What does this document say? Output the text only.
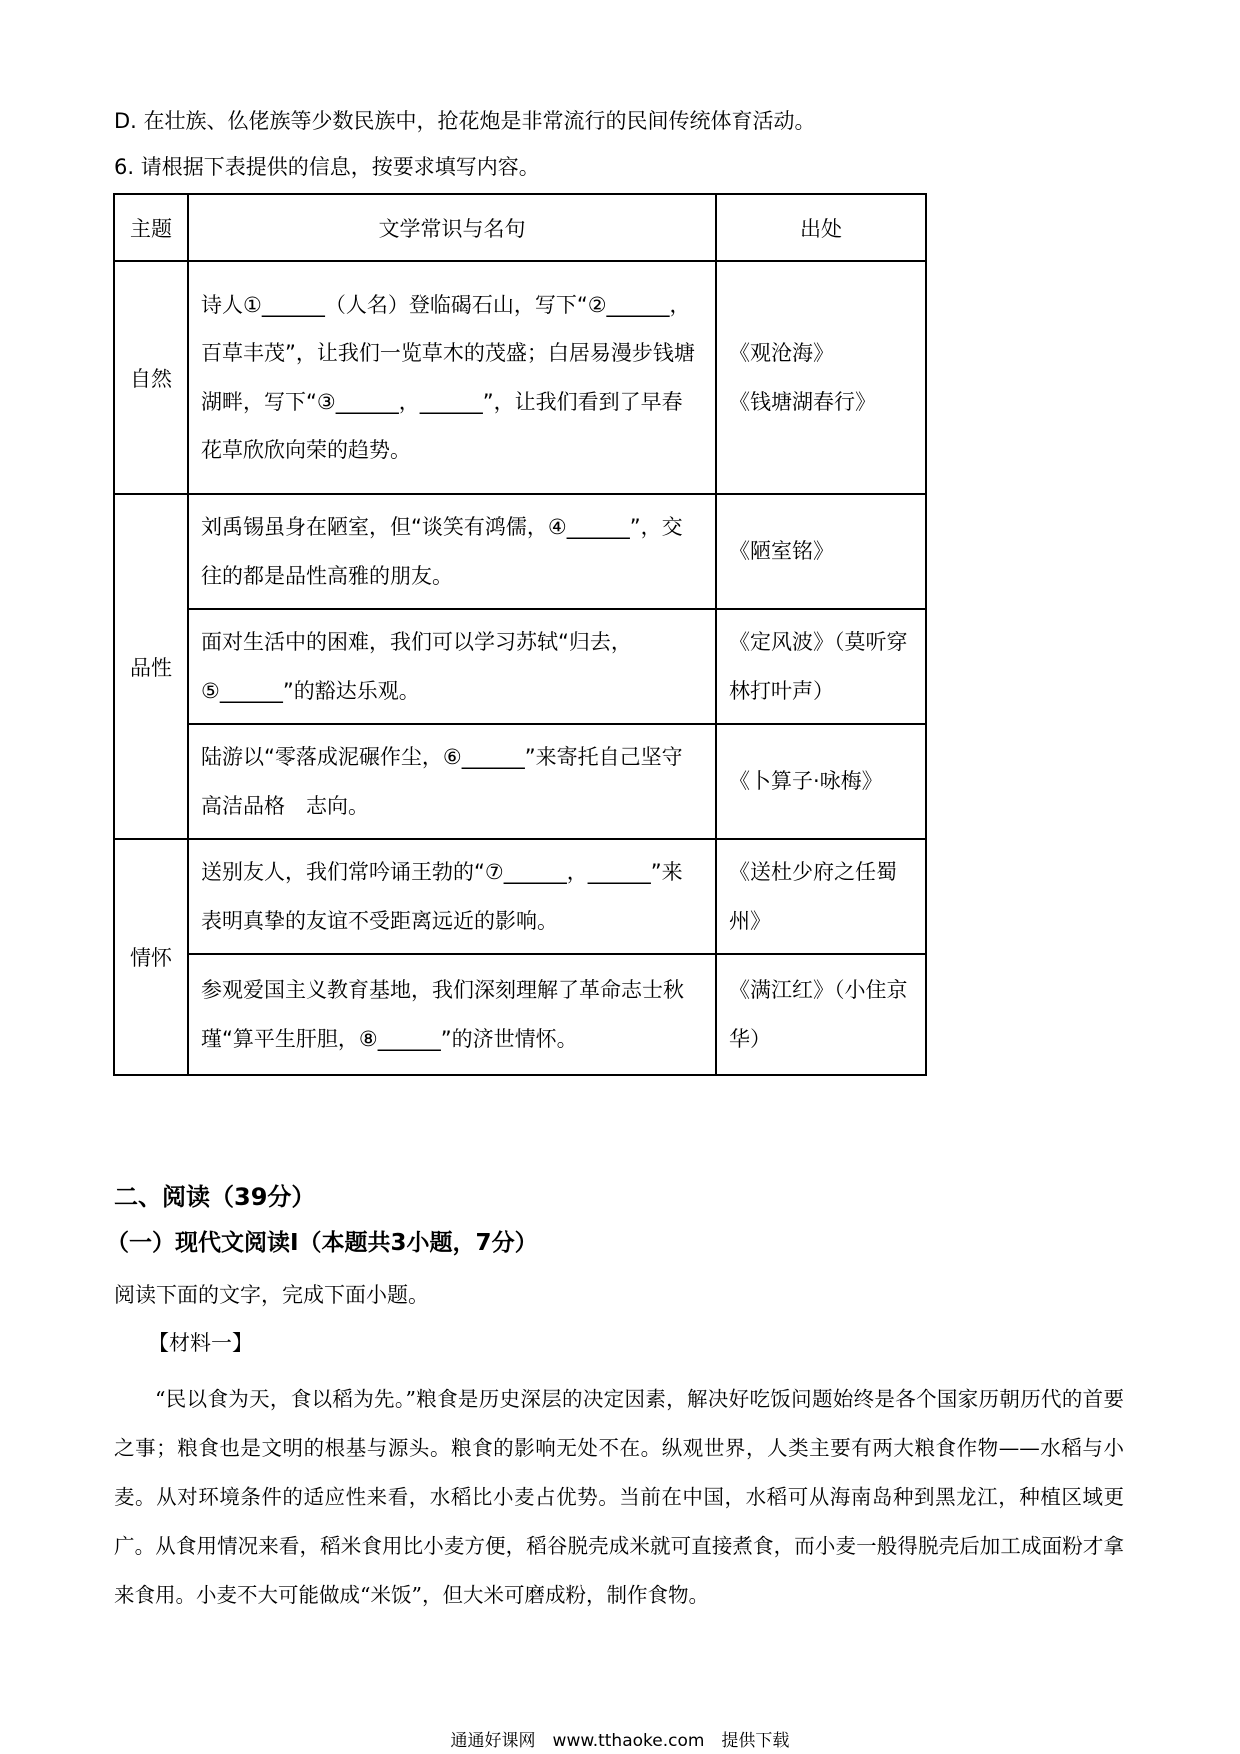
D. 在壮族、仫佬族等少数民族中，抢花炮是非常流行的民间传统体育活动。
6. 请根据下表提供的信息，按要求填写内容。
主题	文学常识与名句	出处
自然	诗人①______（人名）登临碣石山，写下“②______，百草丰茂”，让我们一览草木的茂盛；白居易漫步钱塘湖畔，写下“③______，______”，让我们看到了早春花草欣欣向荣的趋势。	《观沧海》
《钱塘湖春行》

品性	刘禹锡虽身在陋室，但“谈笑有鸿儒，④______”，交往的都是品性高雅的朋友。	《陋室铭》

	面对生活中的困难，我们可以学习苏轼“归去，⑤______”的豁达乐观。	《定风波》（莫听穿林打叶声）

	陆游以“零落成泥碾作尘，⑥______”来寄托自己坚守高洁品格　志向。	《卜算子·咏梅》

情怀	送别友人，我们常吟诵王勃的“⑦______，______”来表明真挚的友谊不受距离远近的影响。	《送杜少府之任蜀州》

	参观爱国主义教育基地，我们深刻理解了革命志士秋瑾“算平生肝胆，⑧______”的济世情怀。	《满江红》（小住京华）
二、阅读（39分）
（一）现代文阅读Ⅰ（本题共3小题，7分）
阅读下面的文字，完成下面小题。
【材料一】

“民以食为天，食以稻为先。”粮食是历史深层的决定因素，解决好吃饭问题始终是各个国家历朝历代的首要之事；粮食也是文明的根基与源头。粮食的影响无处不在。纵观世界，人类主要有两大粮食作物——水稻与小麦。从对环境条件的适应性来看，水稻比小麦占优势。当前在中国，水稻可从海南岛种到黑龙江，种植区域更广。从食用情况来看，稻米食用比小麦方便，稻谷脱壳成米就可直接煮食，而小麦一般得脱壳后加工成面粉才拿来食用。小麦不大可能做成“米饭”，但大米可磨成粉，制作食物。

通通好课网　www.tthaoke.com　提供下载
